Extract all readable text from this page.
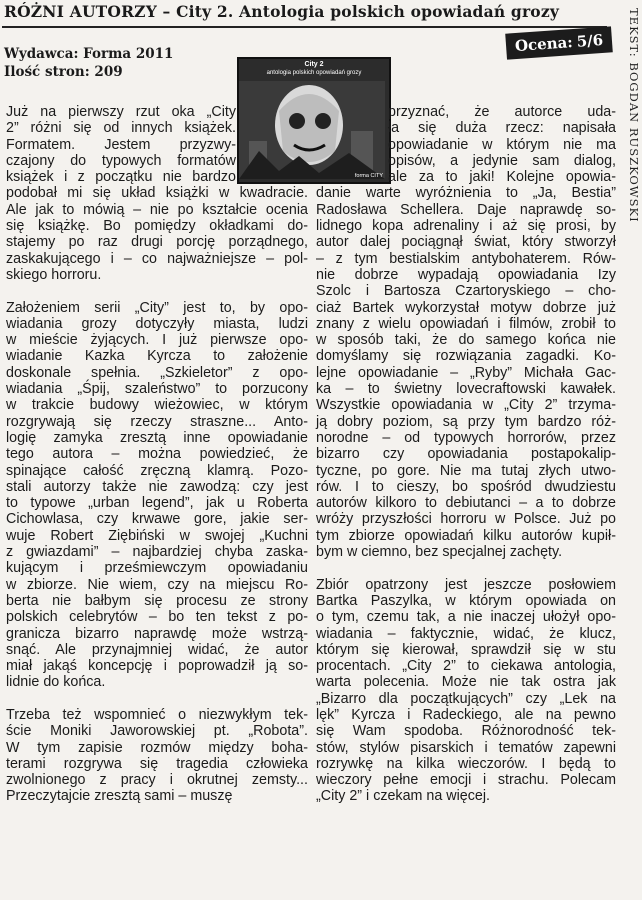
RÓŻNI AUTORZY – City 2. Antologia polskich opowiadań grozy
Ocena: 5/6
Wydawca: Forma 2011
Ilość stron: 209	TEKST: BOGDAN RUSZKOWSKI
City 2
antologia polskich opowiadań grozy
forma CITY
Już na pierwszy rzut oka „City
2” różni się od innych książek.
Formatem. Jestem przyzwy-
czajony do typowych formatów
książek i z początku nie bardzo
podobał mi się układ książki w kwadracie.
Ale jak to mówią – nie po kształcie ocenia
się książkę. Bo pomiędzy okładkami do-
stajemy po raz drugi porcję porządnego,
zaskakującego i – co najważniejsze – pol-
skiego horroru.
Założeniem serii „City” jest to, by opo-
wiadania grozy dotyczyły miasta, ludzi
w mieście żyjących. I już pierwsze opo-
wiadanie Kazka Kyrcza to założenie
doskonale spełnia. „Szkieletor” z opo-
wiadania „Śpij, szaleństwo” to porzucony
w trakcie budowy wieżowiec, w którym
rozgrywają się rzeczy straszne... Anto-
logię zamyka zresztą inne opowiadanie
tego autora – można powiedzieć, że
spinające całość zręczną klamrą. Pozo-
stali autorzy także nie zawodzą: czy jest
to typowe „urban legend”, jak u Roberta
Cichowlasa, czy krwawe gore, jakie ser-
wuje Robert Ziębiński w swojej „Kuchni
z gwiazdami” – najbardziej chyba zaska-
kującym i prześmiewczym opowiadaniu
w zbiorze. Nie wiem, czy na miejscu Ro-
berta nie bałbym się procesu ze strony
polskich celebrytów – bo ten tekst z po-
granicza bizarro naprawdę może wstrzą-
snąć. Ale przynajmniej widać, że autor
miał jakąś koncepcję i poprowadził ją so-
lidnie do końca.
Trzeba też wspomnieć o niezwykłym tek-
ście Moniki Jaworowskiej pt. „Robota”.
W tym zapisie rozmów między boha-
terami rozgrywa się tragedia człowieka
zwolnionego z pracy i okrutnej zemsty...
Przeczytajcie zresztą sami – muszę
przyznać, że autorce uda-
ła się duża rzecz: napisała
opowiadanie w którym nie ma
opisów, a jedynie sam dialog,
ale za to jaki! Kolejne opowia-
danie warte wyróżnienia to „Ja, Bestia”
Radosława Schellera. Daje naprawdę so-
lidnego kopa adrenaliny i aż się prosi, by
autor dalej pociągnął świat, który stworzył
– z tym bestialskim antybohaterem. Rów-
nie dobrze wypadają opowiadania Izy
Szolc i Bartosza Czartoryskiego – cho-
ciaż Bartek wykorzystał motyw dobrze już
znany z wielu opowiadań i filmów, zrobił to
w sposób taki, że do samego końca nie
domyślamy się rozwiązania zagadki. Ko-
lejne opowiadanie – „Ryby” Michała Gac-
ka – to świetny lovecraftowski kawałek.
Wszystkie opowiadania w „City 2” trzyma-
ją dobry poziom, są przy tym bardzo róż-
norodne – od typowych horrorów, przez
bizarro czy opowiadania postapokalip-
tyczne, po gore. Nie ma tutaj złych utwo-
rów. I to cieszy, bo spośród dwudziestu
autorów kilkoro to debiutanci – a to dobrze
wróży przyszłości horroru w Polsce. Już po
tym zbiorze opowiadań kilku autorów kupił-
bym w ciemno, bez specjalnej zachęty.
Zbiór opatrzony jest jeszcze posłowiem
Bartka Paszylka, w którym opowiada on
o tym, czemu tak, a nie inaczej ułożył opo-
wiadania – faktycznie, widać, że klucz,
którym się kierował, sprawdził się w stu
procentach. „City 2” to ciekawa antologia,
warta polecenia. Może nie tak ostra jak
„Bizarro dla początkujących” czy „Lek na
lęk” Kyrcza i Radeckiego, ale na pewno
się Wam spodoba. Różnorodność tek-
stów, stylów pisarskich i tematów zapewni
rozrywkę na kilka wieczorów. I będą to
wieczory pełne emocji i strachu. Polecam
„City 2” i czekam na więcej.
